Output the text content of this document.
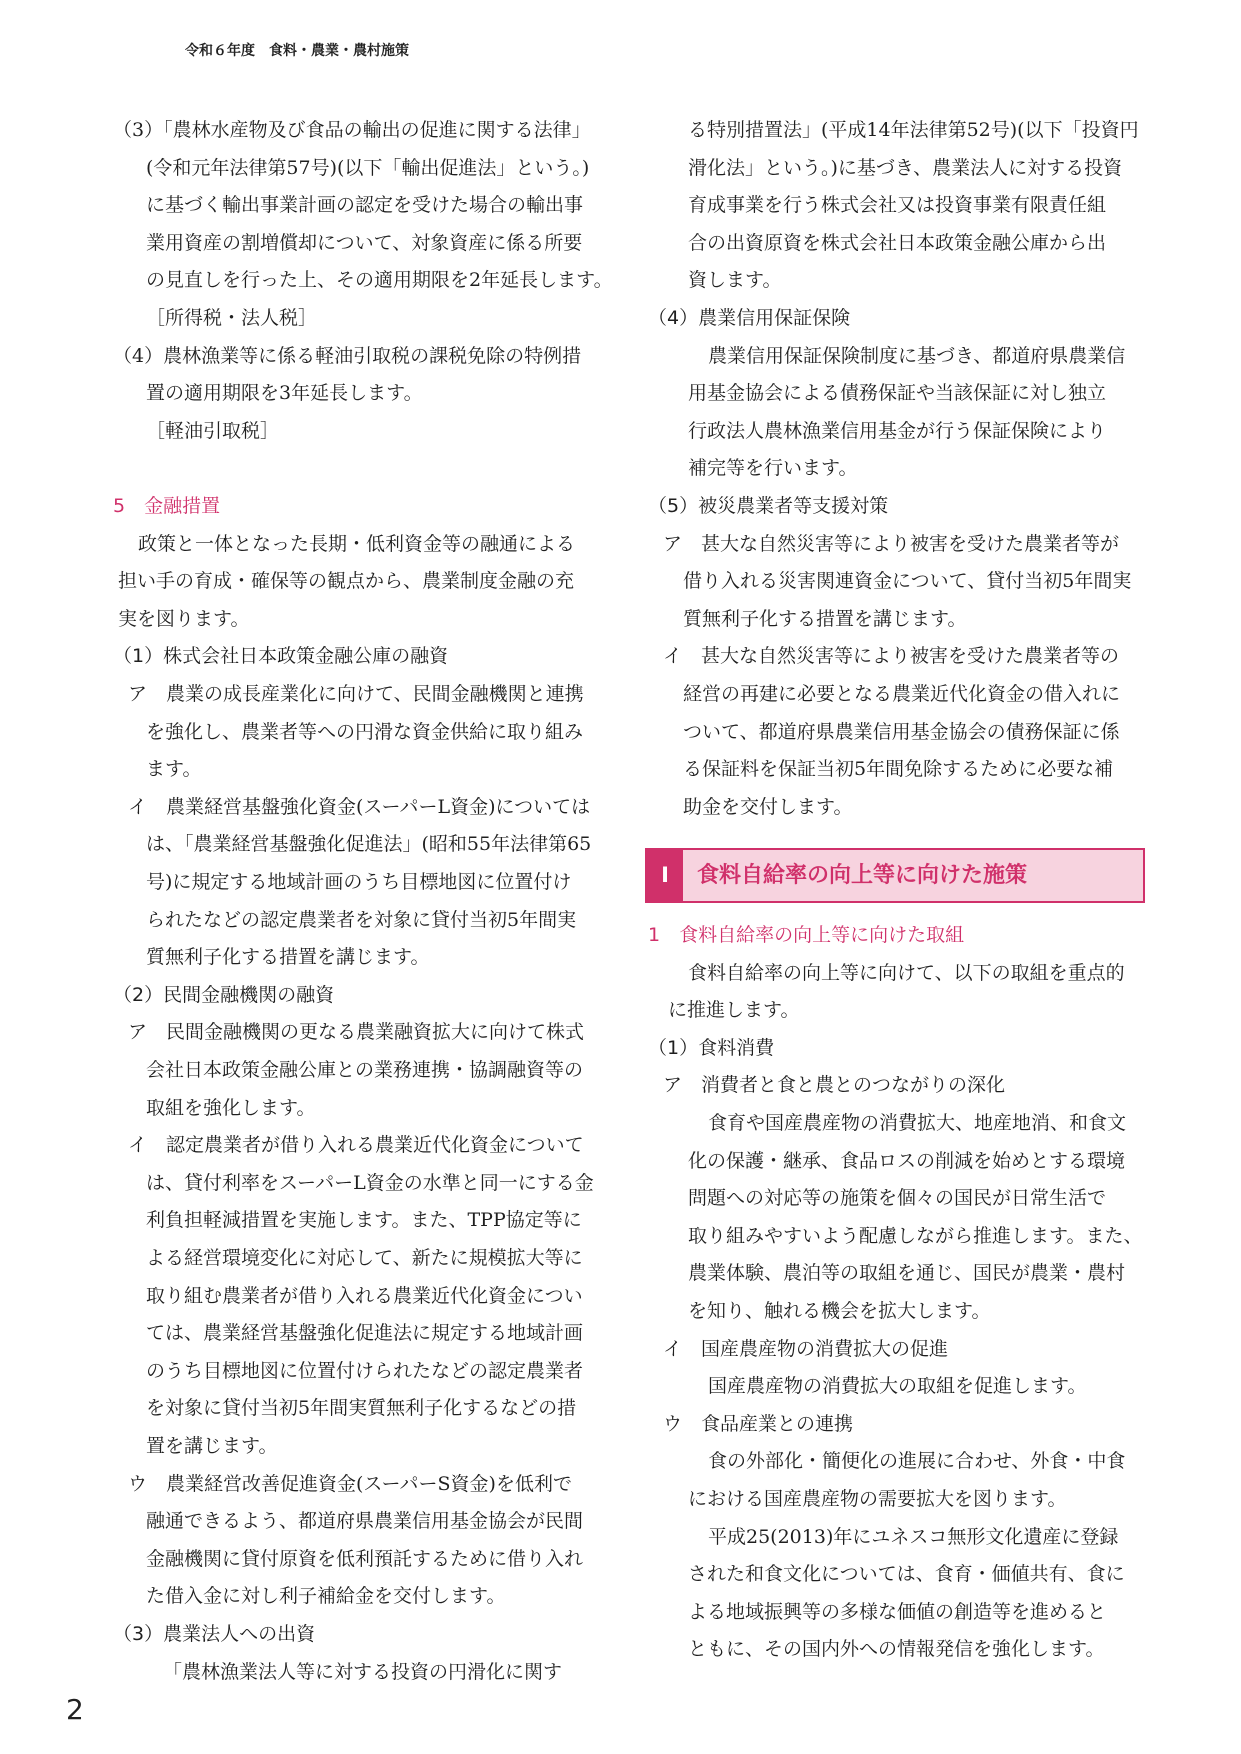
令和６年度　食料・農業・農村施策
（3）「農林水産物及び食品の輸出の促進に関する法律」
(令和元年法律第57号)(以下「輸出促進法」という。)
に基づく輸出事業計画の認定を受けた場合の輸出事
業用資産の割増償却について、対象資産に係る所要
の見直しを行った上、その適用期限を2年延長します。
［所得税・法人税］
（4）農林漁業等に係る軽油引取税の課税免除の特例措
置の適用期限を3年延長します。
［軽油引取税］
5　金融措置
政策と一体となった長期・低利資金等の融通による
担い手の育成・確保等の観点から、農業制度金融の充
実を図ります。
（1）株式会社日本政策金融公庫の融資
ア　農業の成長産業化に向けて、民間金融機関と連携
を強化し、農業者等への円滑な資金供給に取り組み
ます。
イ　農業経営基盤強化資金(スーパーL資金)については
は、「農業経営基盤強化促進法」(昭和55年法律第65
号)に規定する地域計画のうち目標地図に位置付け
られたなどの認定農業者を対象に貸付当初5年間実
質無利子化する措置を講じます。
（2）民間金融機関の融資
ア　民間金融機関の更なる農業融資拡大に向けて株式
会社日本政策金融公庫との業務連携・協調融資等の
取組を強化します。
イ　認定農業者が借り入れる農業近代化資金について
は、貸付利率をスーパーL資金の水準と同一にする金
利負担軽減措置を実施します。また、TPP協定等に
よる経営環境変化に対応して、新たに規模拡大等に
取り組む農業者が借り入れる農業近代化資金につい
ては、農業経営基盤強化促進法に規定する地域計画
のうち目標地図に位置付けられたなどの認定農業者
を対象に貸付当初5年間実質無利子化するなどの措
置を講じます。
ウ　農業経営改善促進資金(スーパーS資金)を低利で
融通できるよう、都道府県農業信用基金協会が民間
金融機関に貸付原資を低利預託するために借り入れ
た借入金に対し利子補給金を交付します。
（3）農業法人への出資
「農林漁業法人等に対する投資の円滑化に関す
る特別措置法」(平成14年法律第52号)(以下「投資円
滑化法」という。)に基づき、農業法人に対する投資
育成事業を行う株式会社又は投資事業有限責任組
合の出資原資を株式会社日本政策金融公庫から出
資します。
（4）農業信用保証保険
農業信用保証保険制度に基づき、都道府県農業信
用基金協会による債務保証や当該保証に対し独立
行政法人農林漁業信用基金が行う保証保険により
補完等を行います。
（5）被災農業者等支援対策
ア　甚大な自然災害等により被害を受けた農業者等が
借り入れる災害関連資金について、貸付当初5年間実
質無利子化する措置を講じます。
イ　甚大な自然災害等により被害を受けた農業者等の
経営の再建に必要となる農業近代化資金の借入れに
ついて、都道府県農業信用基金協会の債務保証に係
る保証料を保証当初5年間免除するために必要な補
助金を交付します。
Ⅰ	食料自給率の向上等に向けた施策
1　食料自給率の向上等に向けた取組
食料自給率の向上等に向けて、以下の取組を重点的
に推進します。
（1）食料消費
ア　消費者と食と農とのつながりの深化
食育や国産農産物の消費拡大、地産地消、和食文
化の保護・継承、食品ロスの削減を始めとする環境
問題への対応等の施策を個々の国民が日常生活で
取り組みやすいよう配慮しながら推進します。また、
農業体験、農泊等の取組を通じ、国民が農業・農村
を知り、触れる機会を拡大します。
イ　国産農産物の消費拡大の促進
国産農産物の消費拡大の取組を促進します。
ウ　食品産業との連携
食の外部化・簡便化の進展に合わせ、外食・中食
における国産農産物の需要拡大を図ります。
平成25(2013)年にユネスコ無形文化遺産に登録
された和食文化については、食育・価値共有、食に
よる地域振興等の多様な価値の創造等を進めると
ともに、その国内外への情報発信を強化します。
2
